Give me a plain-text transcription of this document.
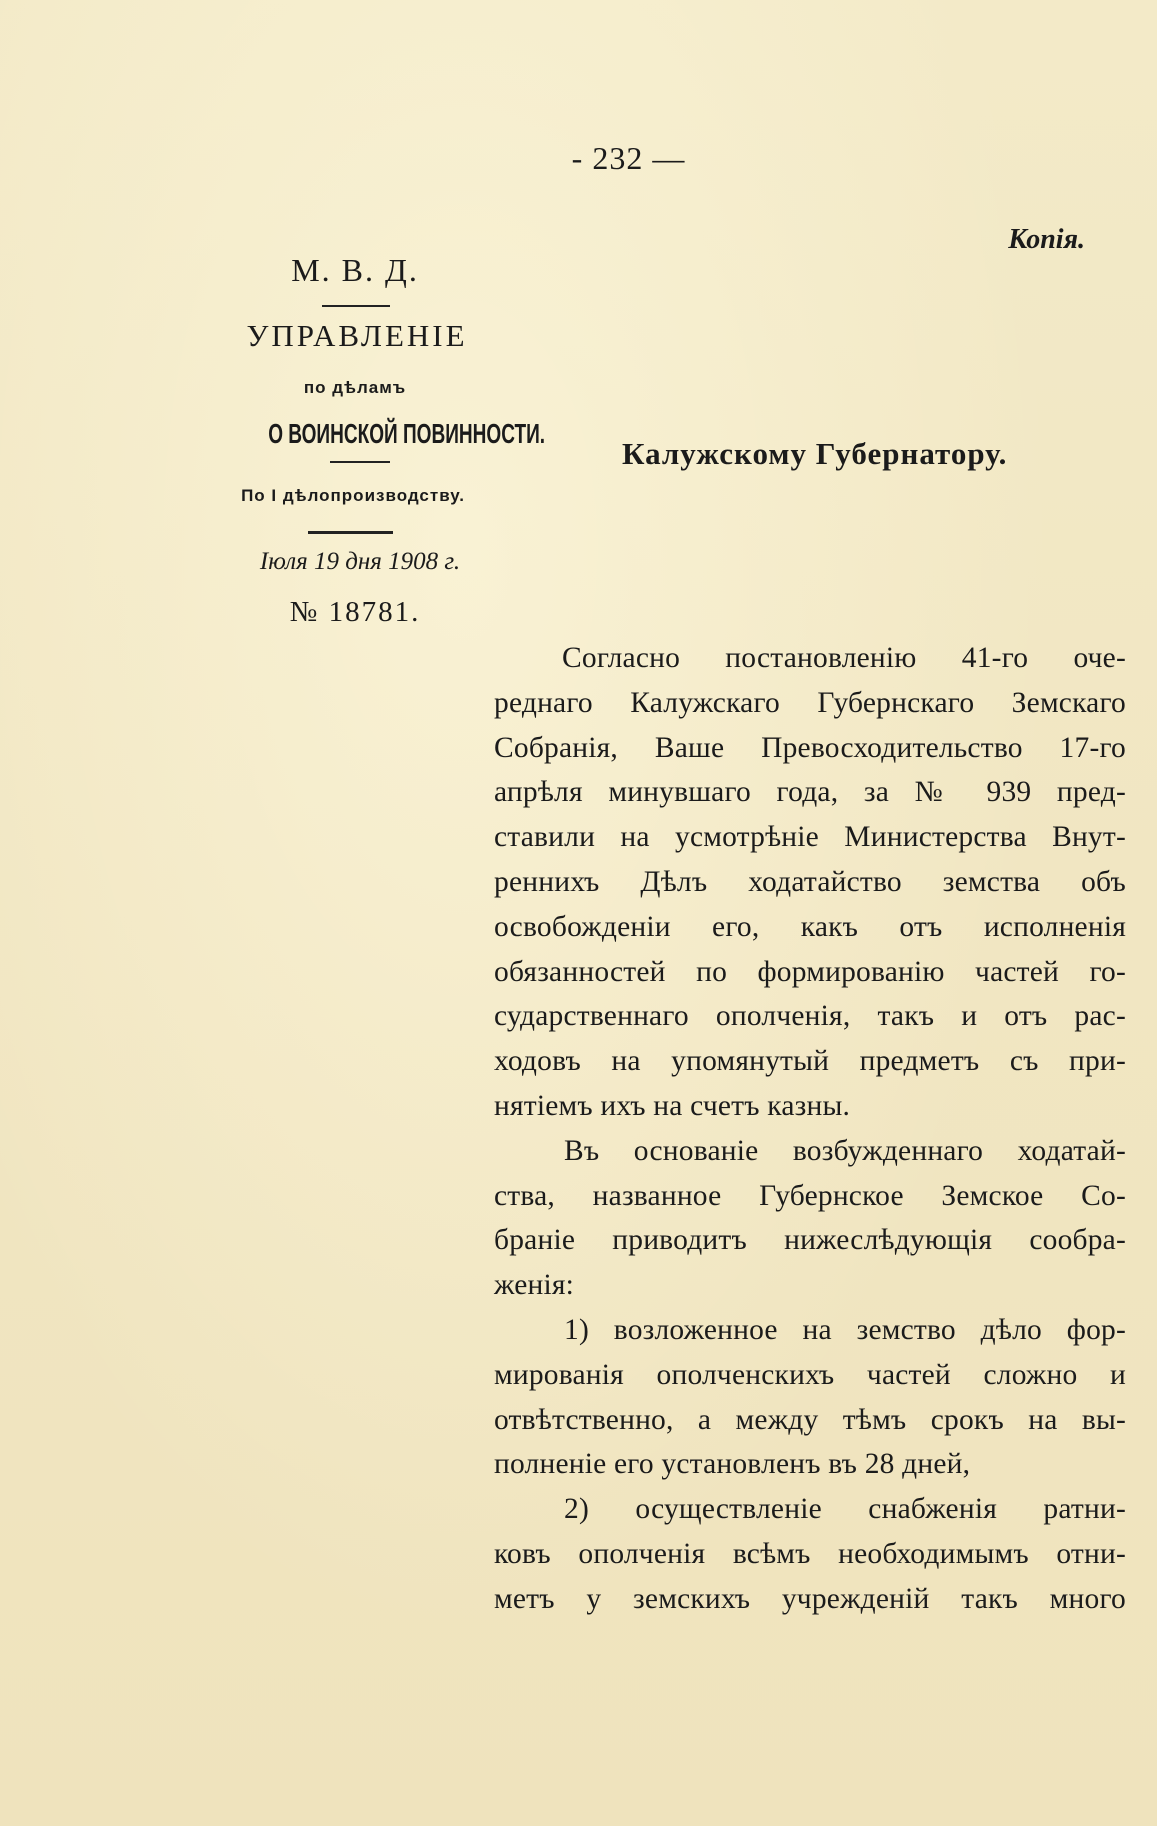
- 232 —
Копія.
М. В. Д.
УПРАВЛЕНІЕ
по дѣламъ
О ВОИНСКОЙ ПОВИННОСТИ.
По I дѣлопроизводству.
Іюля 19 дня 1908 г.
№ 18781.
Калужскому Губернатору.
Согласно постановленію 41-го оче-
реднаго Калужскаго Губернскаго Земскаго
Собранія, Ваше Превосходительство 17-го
апрѣля минувшаго года, за № 939 пред-
ставили на усмотрѣніе Министерства Внут-
реннихъ Дѣлъ ходатайство земства объ
освобожденіи его, какъ отъ исполненія
обязанностей по формированію частей го-
сударственнаго ополченія, такъ и отъ рас-
ходовъ на упомянутый предметъ съ при-
нятіемъ ихъ на счетъ казны.
Въ основаніе возбужденнаго ходатай-
ства, названное Губернское Земское Со-
браніе приводитъ нижеслѣдующія сообра-
женія:
1) возложенное на земство дѣло фор-
мированія ополченскихъ частей сложно и
отвѣтственно, а между тѣмъ срокъ на вы-
полненіе его установленъ въ 28 дней,
2) осуществленіе снабженія ратни-
ковъ ополченія всѣмъ необходимымъ отни-
метъ у земскихъ учрежденій такъ много
